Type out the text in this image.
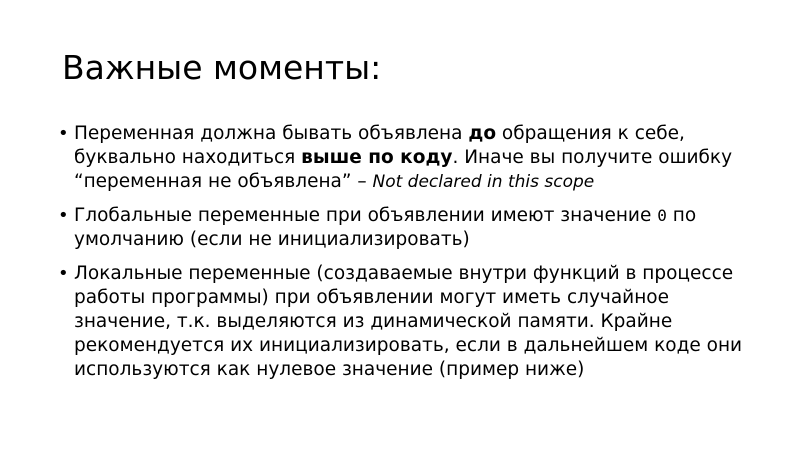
Важные моменты:
• Переменная должна бывать объявлена до обращения к себе, буквально находиться выше по коду. Иначе вы получите ошибку “переменная не объявлена” – Not declared in this scope
• Глобальные переменные при объявлении имеют значение 0 по умолчанию (если не инициализировать)
• Локальные переменные (создаваемые внутри функций в процессе работы программы) при объявлении могут иметь случайное значение, т.к. выделяются из динамической памяти. Крайне рекомендуется их инициализировать, если в дальнейшем коде они используются как нулевое значение (пример ниже)
